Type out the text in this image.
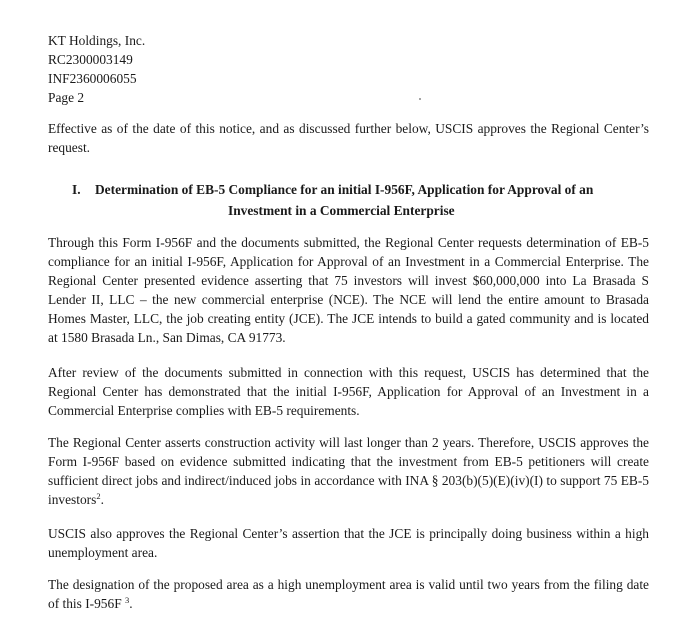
KT Holdings, Inc.
RC2300003149
INF2360006055
Page 2
Effective as of the date of this notice, and as discussed further below, USCIS approves the Regional Center’s request.
I. Determination of EB-5 Compliance for an initial I-956F, Application for Approval of an
Investment in a Commercial Enterprise
Through this Form I-956F and the documents submitted, the Regional Center requests determination of EB-5 compliance for an initial I-956F, Application for Approval of an Investment in a Commercial Enterprise. The Regional Center presented evidence asserting that 75 investors will invest $60,000,000 into La Brasada S Lender II, LLC – the new commercial enterprise (NCE). The NCE will lend the entire amount to Brasada Homes Master, LLC, the job creating entity (JCE). The JCE intends to build a gated community and is located at 1580 Brasada Ln., San Dimas, CA 91773.
After review of the documents submitted in connection with this request, USCIS has determined that the Regional Center has demonstrated that the initial I-956F, Application for Approval of an Investment in a Commercial Enterprise complies with EB-5 requirements.
The Regional Center asserts construction activity will last longer than 2 years. Therefore, USCIS approves the Form I-956F based on evidence submitted indicating that the investment from EB-5 petitioners will create sufficient direct jobs and indirect/induced jobs in accordance with INA § 203(b)(5)(E)(iv)(I) to support 75 EB-5 investors$^2$.
USCIS also approves the Regional Center’s assertion that the JCE is principally doing business within a high unemployment area.
The designation of the proposed area as a high unemployment area is valid until two years from the filing date of this I-956F $^3$.
